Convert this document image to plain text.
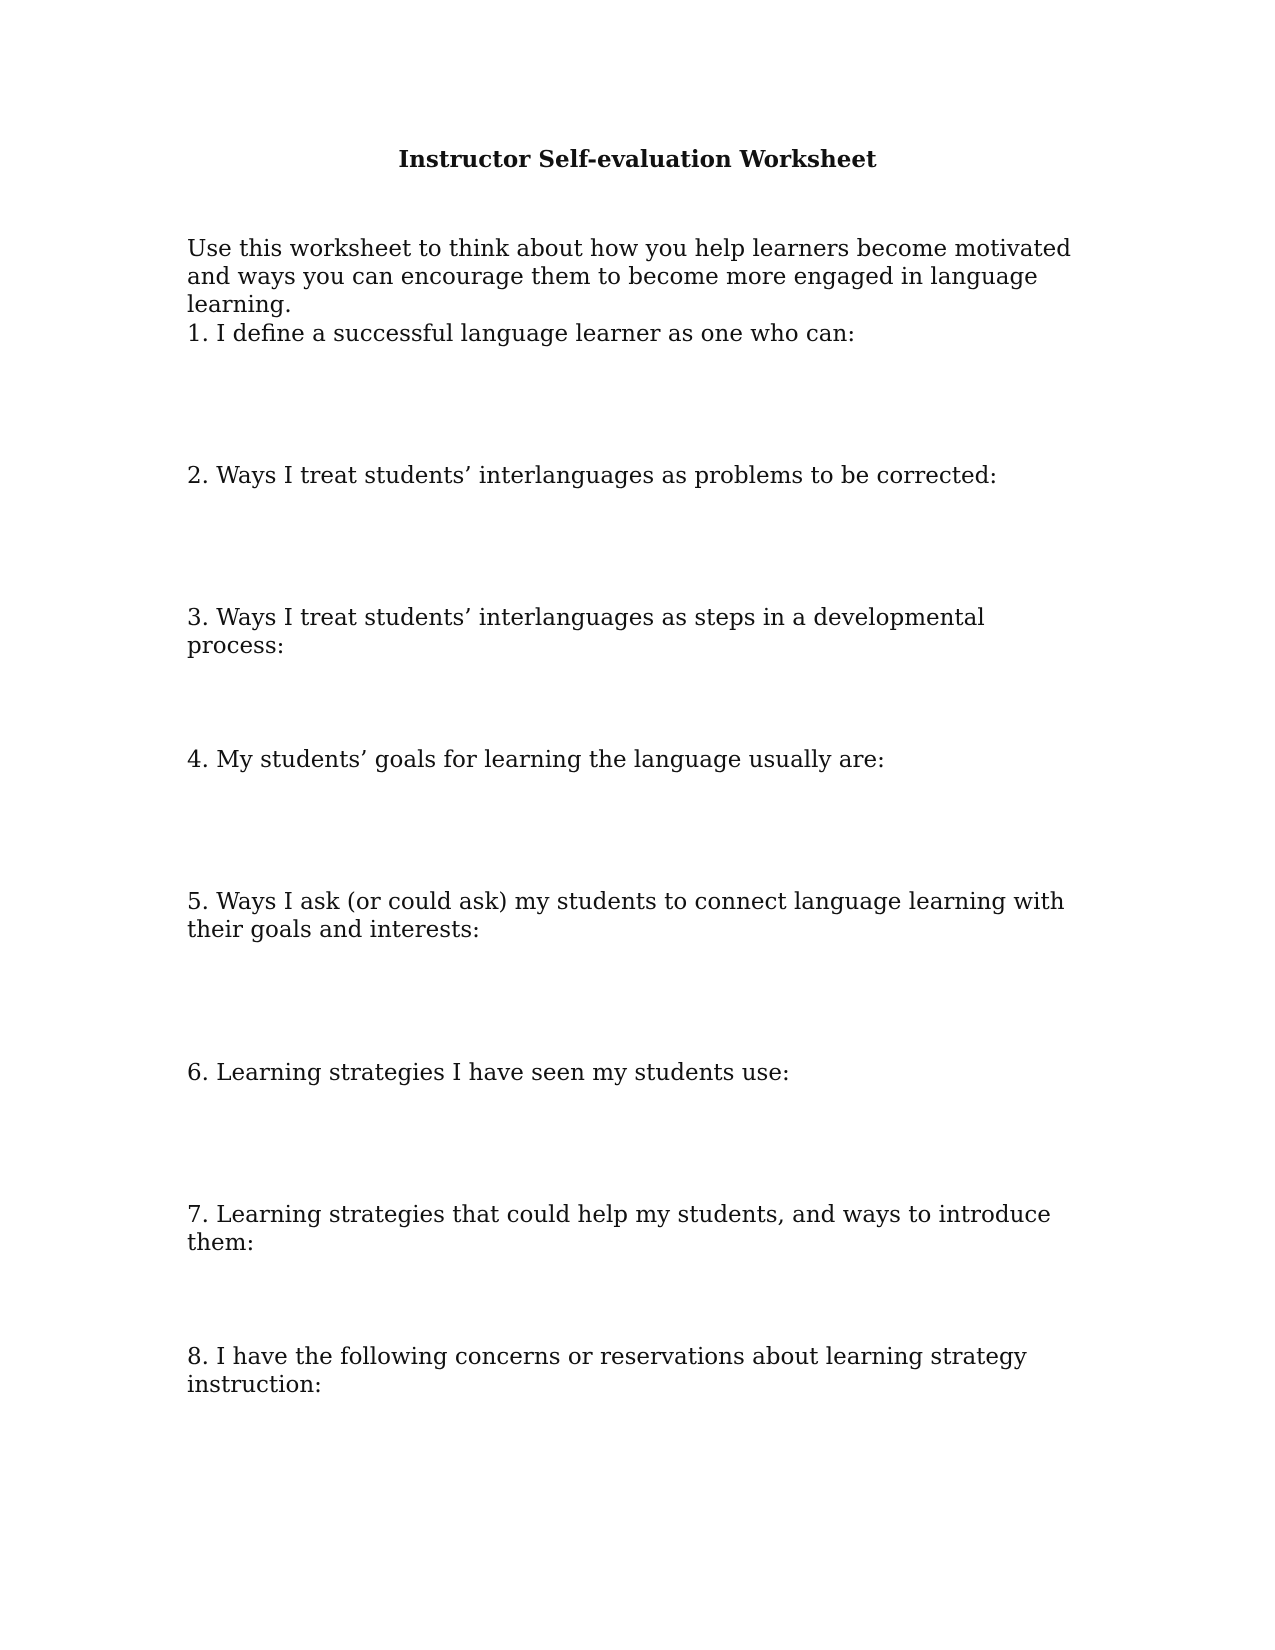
Instructor Self-evaluation Worksheet

Use this worksheet to think about how you help learners become motivated and ways you can encourage them to become more engaged in language learning.

1. I define a successful language learner as one who can:

2. Ways I treat students’ interlanguages as problems to be corrected:

3. Ways I treat students’ interlanguages as steps in a developmental process:

4. My students’ goals for learning the language usually are:

5. Ways I ask (or could ask) my students to connect language learning with their goals and interests:

6. Learning strategies I have seen my students use:

7. Learning strategies that could help my students, and ways to introduce them:

8. I have the following concerns or reservations about learning strategy instruction:
